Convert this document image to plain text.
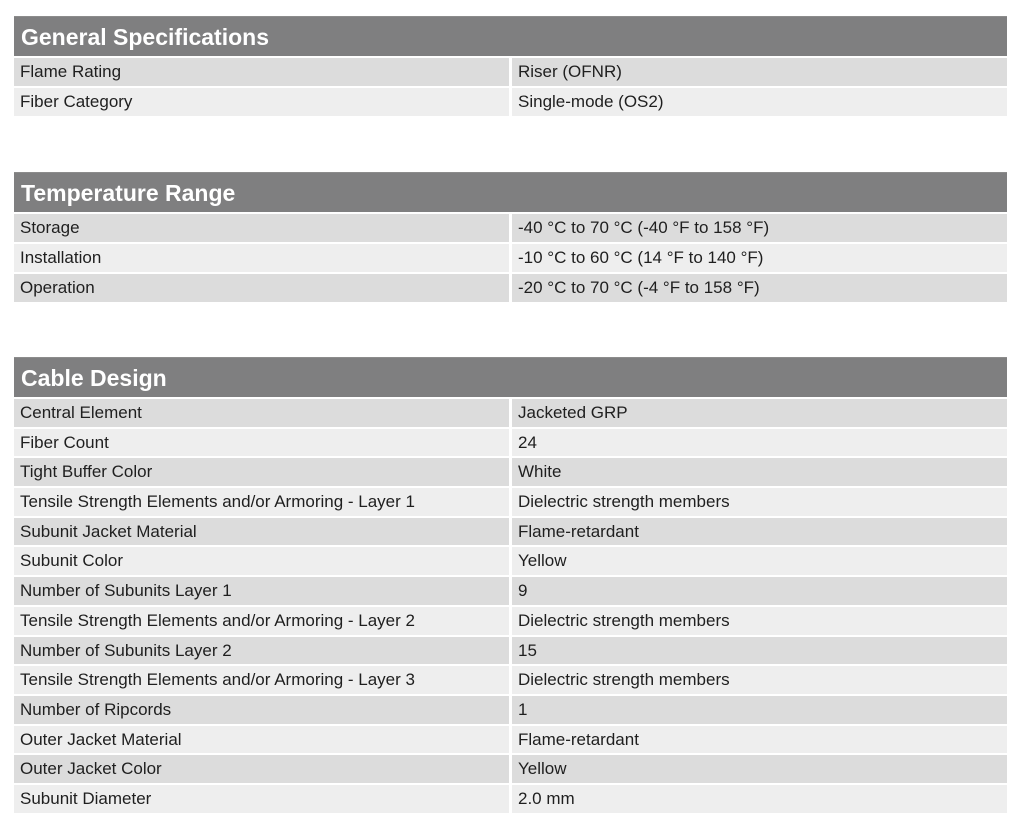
General Specifications
Flame Rating	Riser (OFNR)
Fiber Category	Single-mode (OS2)
Temperature Range
Storage	-40 °C to 70 °C (-40 °F to 158 °F)
Installation	-10 °C to 60 °C (14 °F to 140 °F)
Operation	-20 °C to 70 °C (-4 °F to 158 °F)
Cable Design
Central Element	Jacketed GRP
Fiber Count	24
Tight Buffer Color	White
Tensile Strength Elements and/or Armoring - Layer 1	Dielectric strength members
Subunit Jacket Material	Flame-retardant
Subunit Color	Yellow
Number of Subunits Layer 1	9
Tensile Strength Elements and/or Armoring - Layer 2	Dielectric strength members
Number of Subunits Layer 2	15
Tensile Strength Elements and/or Armoring - Layer 3	Dielectric strength members
Number of Ripcords	1
Outer Jacket Material	Flame-retardant
Outer Jacket Color	Yellow
Subunit Diameter	2.0 mm
